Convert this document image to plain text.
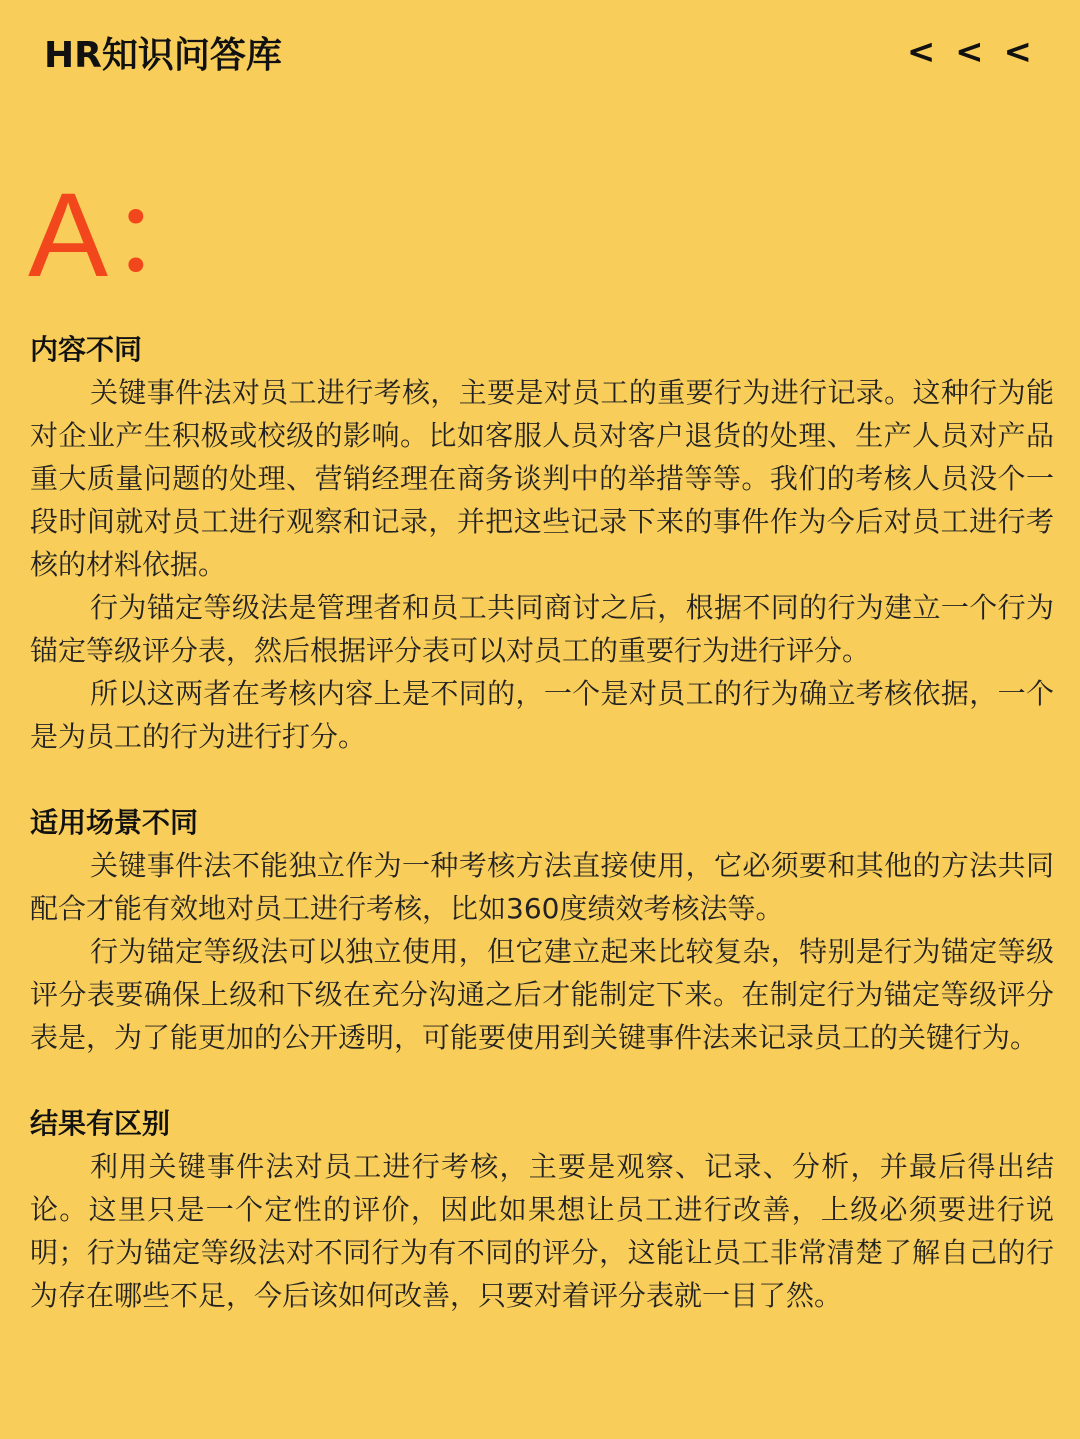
HR知识问答库	< < <
A：

内容不同

关键事件法对员工进行考核，主要是对员工的重要行为进行记录。这种行为能对企业产生积极或校级的影响。比如客服人员对客户退货的处理、生产人员对产品重大质量问题的处理、营销经理在商务谈判中的举措等等。我们的考核人员没个一段时间就对员工进行观察和记录，并把这些记录下来的事件作为今后对员工进行考核的材料依据。

行为锚定等级法是管理者和员工共同商讨之后，根据不同的行为建立一个行为锚定等级评分表，然后根据评分表可以对员工的重要行为进行评分。

所以这两者在考核内容上是不同的，一个是对员工的行为确立考核依据，一个是为员工的行为进行打分。

适用场景不同

关键事件法不能独立作为一种考核方法直接使用，它必须要和其他的方法共同配合才能有效地对员工进行考核，比如360度绩效考核法等。

行为锚定等级法可以独立使用，但它建立起来比较复杂，特别是行为锚定等级评分表要确保上级和下级在充分沟通之后才能制定下来。在制定行为锚定等级评分表是，为了能更加的公开透明，可能要使用到关键事件法来记录员工的关键行为。

结果有区别

利用关键事件法对员工进行考核，主要是观察、记录、分析，并最后得出结论。这里只是一个定性的评价，因此如果想让员工进行改善，上级必须要进行说明；行为锚定等级法对不同行为有不同的评分，这能让员工非常清楚了解自己的行为存在哪些不足，今后该如何改善，只要对着评分表就一目了然。
